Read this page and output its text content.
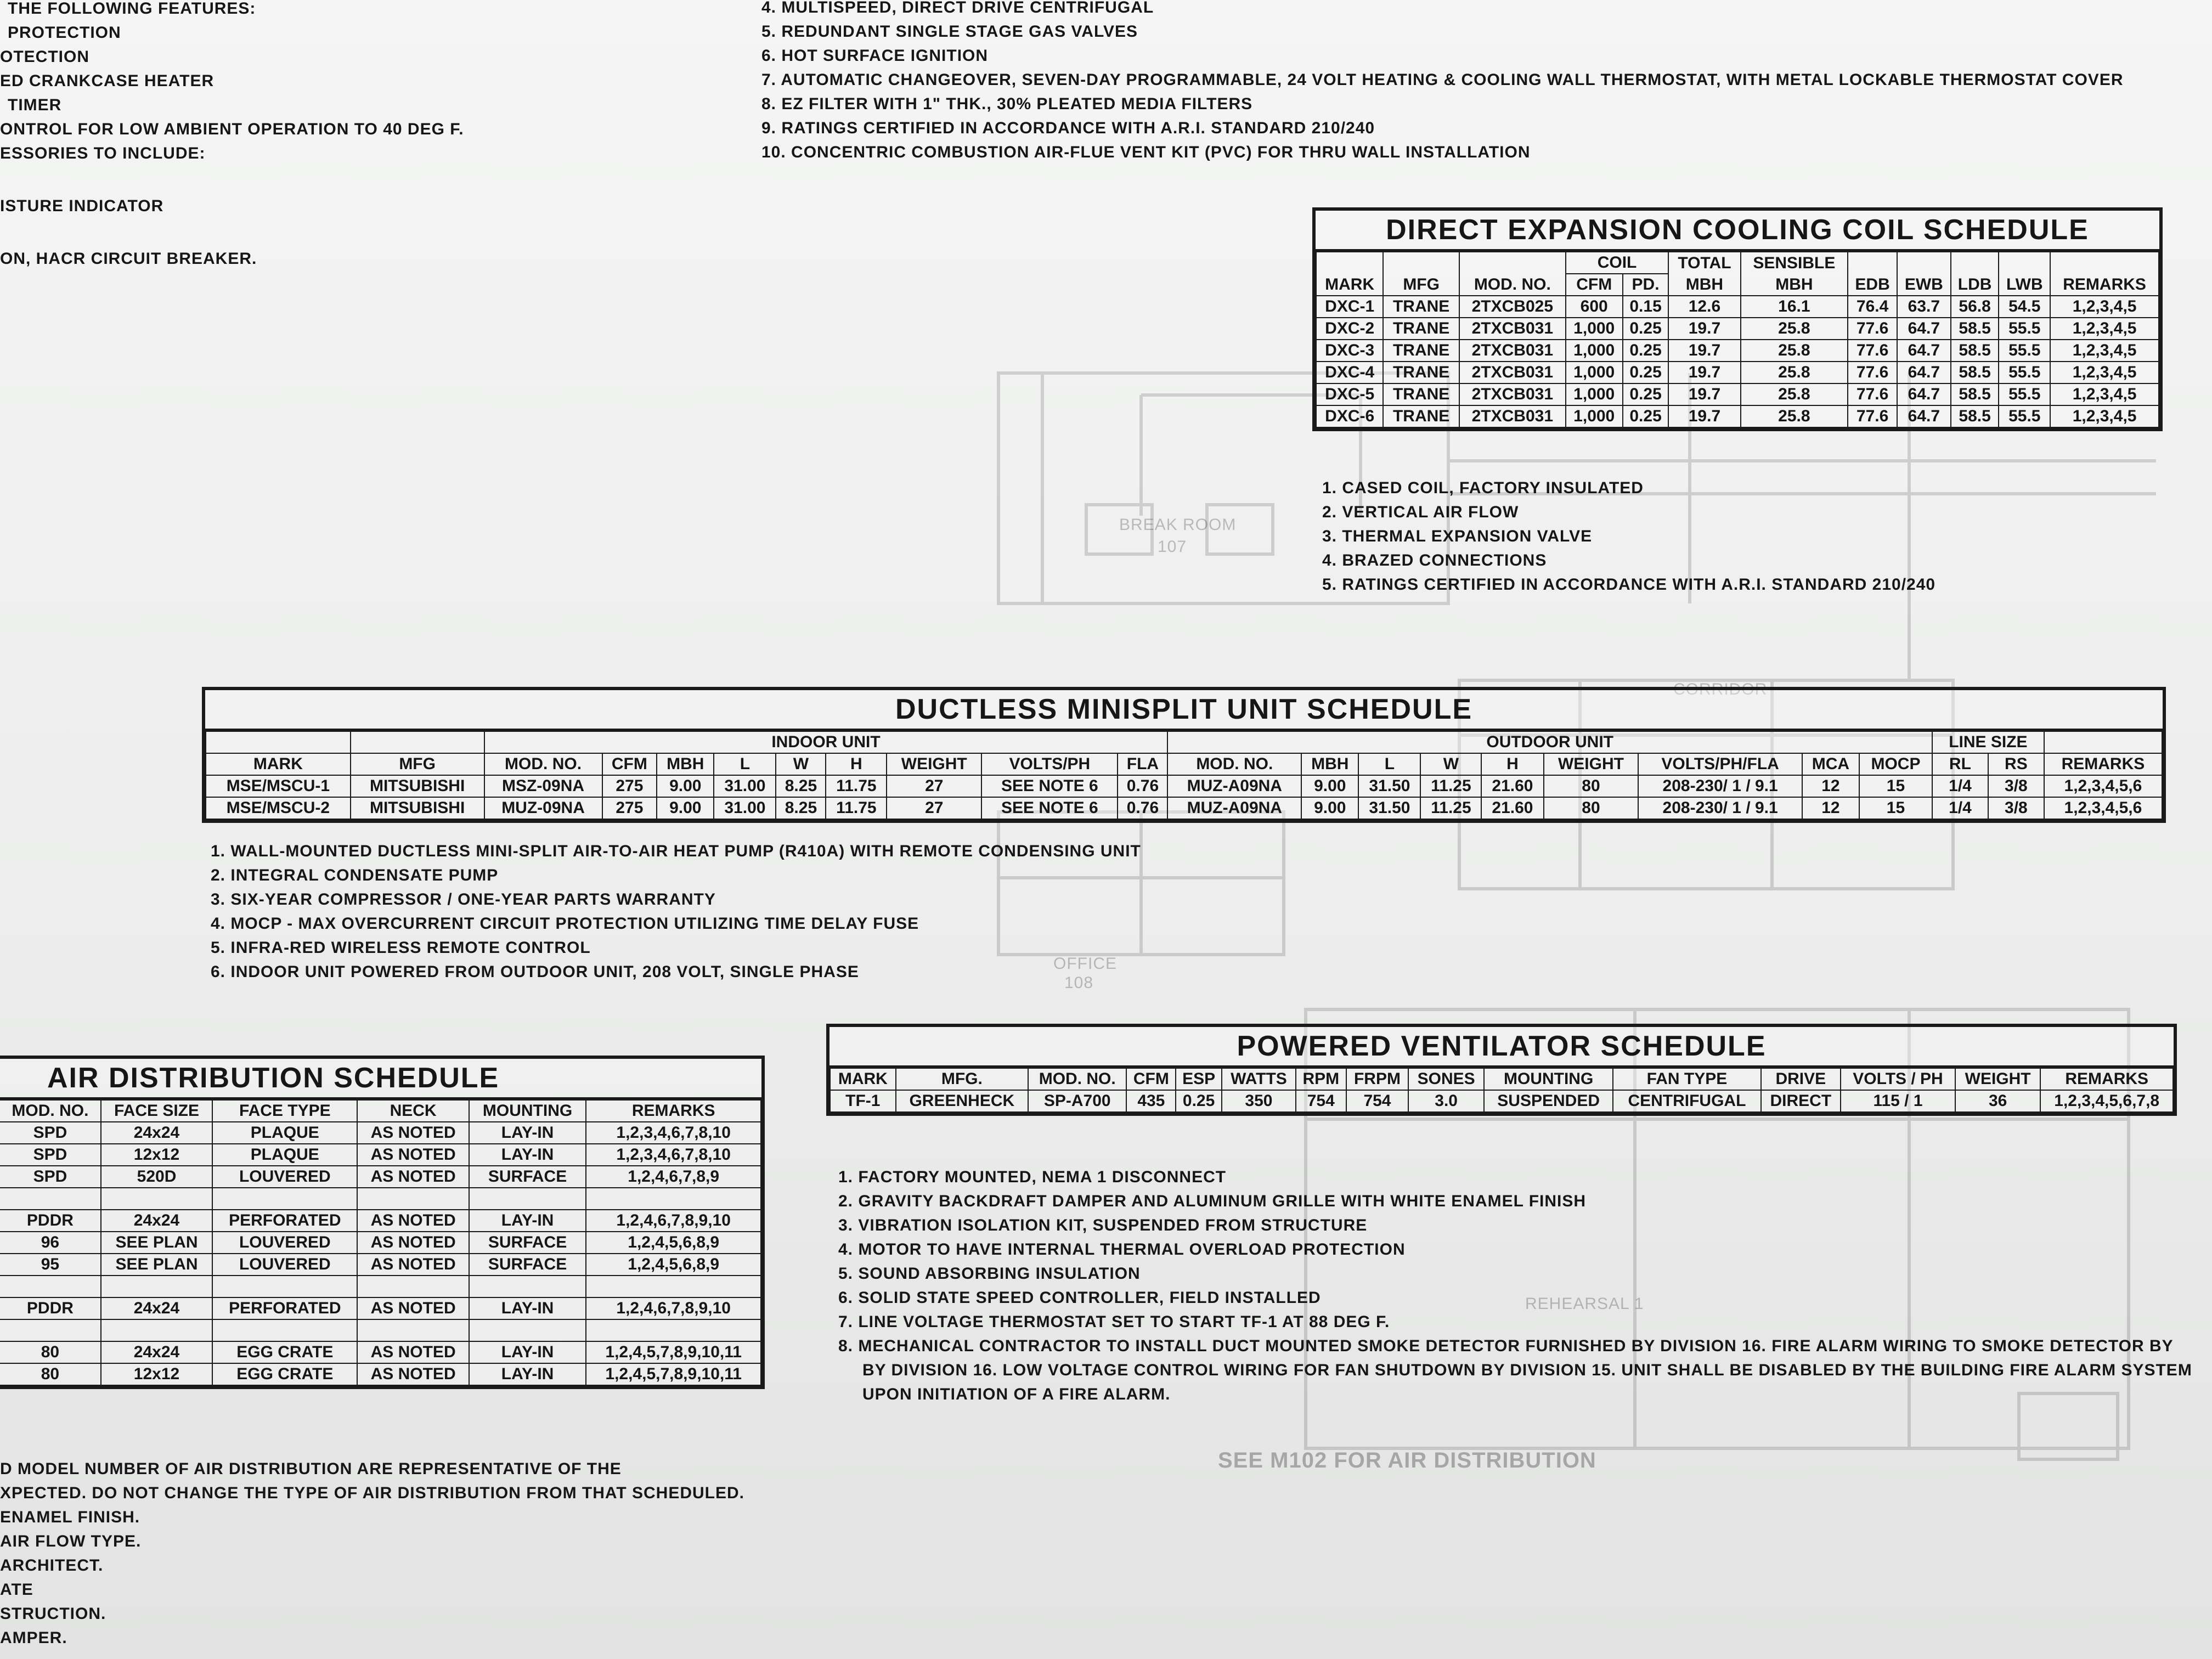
BREAK ROOM
107
OFFICE
108
CORRIDOR
REHEARSAL 1
SEE M102 FOR AIR DISTRIBUTION
THE FOLLOWING FEATURES:
PROTECTION
OTECTION
ED CRANKCASE HEATER
TIMER
ONTROL FOR LOW AMBIENT OPERATION TO 40 DEG F.
ESSORIES TO INCLUDE:
ISTURE INDICATOR
ON, HACR CIRCUIT BREAKER.
4. MULTISPEED, DIRECT DRIVE CENTRIFUGAL
5. REDUNDANT SINGLE STAGE GAS VALVES
6. HOT SURFACE IGNITION
7. AUTOMATIC CHANGEOVER, SEVEN-DAY PROGRAMMABLE, 24 VOLT HEATING & COOLING WALL THERMOSTAT, WITH METAL LOCKABLE THERMOSTAT COVER
8. EZ FILTER WITH 1" THK., 30% PLEATED MEDIA FILTERS
9. RATINGS CERTIFIED IN ACCORDANCE WITH A.R.I. STANDARD 210/240
10. CONCENTRIC COMBUSTION AIR-FLUE VENT KIT (PVC) FOR THRU WALL INSTALLATION
DIRECT EXPANSION COOLING COIL SCHEDULE
			COIL		TOTAL	SENSIBLE					
MARK	MFG	MOD. NO.	CFM	PD.	MBH	MBH	EDB	EWB	LDB	LWB	REMARKS
DXC-1	TRANE	2TXCB025	600	0.15	12.6	16.1	76.4	63.7	56.8	54.5	1,2,3,4,5
DXC-2	TRANE	2TXCB031	1,000	0.25	19.7	25.8	77.6	64.7	58.5	55.5	1,2,3,4,5
DXC-3	TRANE	2TXCB031	1,000	0.25	19.7	25.8	77.6	64.7	58.5	55.5	1,2,3,4,5
DXC-4	TRANE	2TXCB031	1,000	0.25	19.7	25.8	77.6	64.7	58.5	55.5	1,2,3,4,5
DXC-5	TRANE	2TXCB031	1,000	0.25	19.7	25.8	77.6	64.7	58.5	55.5	1,2,3,4,5
DXC-6	TRANE	2TXCB031	1,000	0.25	19.7	25.8	77.6	64.7	58.5	55.5	1,2,3,4,5
1. CASED COIL, FACTORY INSULATED
2. VERTICAL AIR FLOW
3. THERMAL EXPANSION VALVE
4. BRAZED CONNECTIONS
5. RATINGS CERTIFIED IN ACCORDANCE WITH A.R.I. STANDARD 210/240
DUCTLESS MINISPLIT UNIT SCHEDULE
		INDOOR UNIT									OUTDOOR UNIT									LINE SIZE		
MARK	MFG	MOD. NO.	CFM	MBH	L	W	H	WEIGHT	VOLTS/PH	FLA	MOD. NO.	MBH	L	W	H	WEIGHT	VOLTS/PH/FLA	MCA	MOCP	RL	RS	REMARKS
MSE/MSCU-1	MITSUBISHI	MSZ-09NA	275	9.00	31.00	8.25	11.75	27	SEE NOTE 6	0.76	MUZ-A09NA	9.00	31.50	11.25	21.60	80	208-230/ 1 / 9.1	12	15	1/4	3/8	1,2,3,4,5,6
MSE/MSCU-2	MITSUBISHI	MUZ-09NA	275	9.00	31.00	8.25	11.75	27	SEE NOTE 6	0.76	MUZ-A09NA	9.00	31.50	11.25	21.60	80	208-230/ 1 / 9.1	12	15	1/4	3/8	1,2,3,4,5,6
1. WALL-MOUNTED DUCTLESS MINI-SPLIT AIR-TO-AIR HEAT PUMP (R410A) WITH REMOTE CONDENSING UNIT
2. INTEGRAL CONDENSATE PUMP
3. SIX-YEAR COMPRESSOR / ONE-YEAR PARTS WARRANTY
4. MOCP - MAX OVERCURRENT CIRCUIT PROTECTION UTILIZING TIME DELAY FUSE
5. INFRA-RED WIRELESS REMOTE CONTROL
6. INDOOR UNIT POWERED FROM OUTDOOR UNIT, 208 VOLT, SINGLE PHASE
AIR DISTRIBUTION SCHEDULE
MOD. NO.	FACE SIZE	FACE TYPE	NECK	MOUNTING	REMARKS
SPD	24x24	PLAQUE	AS NOTED	LAY-IN	1,2,3,4,6,7,8,10
SPD	12x12	PLAQUE	AS NOTED	LAY-IN	1,2,3,4,6,7,8,10
SPD	520D	LOUVERED	AS NOTED	SURFACE	1,2,4,6,7,8,9

PDDR	24x24	PERFORATED	AS NOTED	LAY-IN	1,2,4,6,7,8,9,10
96	SEE PLAN	LOUVERED	AS NOTED	SURFACE	1,2,4,5,6,8,9
95	SEE PLAN	LOUVERED	AS NOTED	SURFACE	1,2,4,5,6,8,9

PDDR	24x24	PERFORATED	AS NOTED	LAY-IN	1,2,4,6,7,8,9,10

80	24x24	EGG CRATE	AS NOTED	LAY-IN	1,2,4,5,7,8,9,10,11
80	12x12	EGG CRATE	AS NOTED	LAY-IN	1,2,4,5,7,8,9,10,11
D MODEL NUMBER OF AIR DISTRIBUTION ARE REPRESENTATIVE OF THE
XPECTED. DO NOT CHANGE THE TYPE OF AIR DISTRIBUTION FROM THAT SCHEDULED.
ENAMEL FINISH.
AIR FLOW TYPE.
ARCHITECT.
ATE
STRUCTION.
AMPER.
POWERED VENTILATOR SCHEDULE
MARK	MFG.	MOD. NO.	CFM	ESP	WATTS	RPM	FRPM	SONES	MOUNTING	FAN TYPE	DRIVE	VOLTS / PH	WEIGHT	REMARKS
TF-1	GREENHECK	SP-A700	435	0.25	350	754	754	3.0	SUSPENDED	CENTRIFUGAL	DIRECT	115 / 1	36	1,2,3,4,5,6,7,8
1. FACTORY MOUNTED, NEMA 1 DISCONNECT
2. GRAVITY BACKDRAFT DAMPER AND ALUMINUM GRILLE WITH WHITE ENAMEL FINISH
3. VIBRATION ISOLATION KIT, SUSPENDED FROM STRUCTURE
4. MOTOR TO HAVE INTERNAL THERMAL OVERLOAD PROTECTION
5. SOUND ABSORBING INSULATION
6. SOLID STATE SPEED CONTROLLER, FIELD INSTALLED
7. LINE VOLTAGE THERMOSTAT SET TO START TF-1 AT 88 DEG F.
8. MECHANICAL CONTRACTOR TO INSTALL DUCT MOUNTED SMOKE DETECTOR FURNISHED BY DIVISION 16. FIRE ALARM WIRING TO SMOKE DETECTOR BY
BY DIVISION 16. LOW VOLTAGE CONTROL WIRING FOR FAN SHUTDOWN BY DIVISION 15. UNIT SHALL BE DISABLED BY THE BUILDING FIRE ALARM SYSTEM
UPON INITIATION OF A FIRE ALARM.
